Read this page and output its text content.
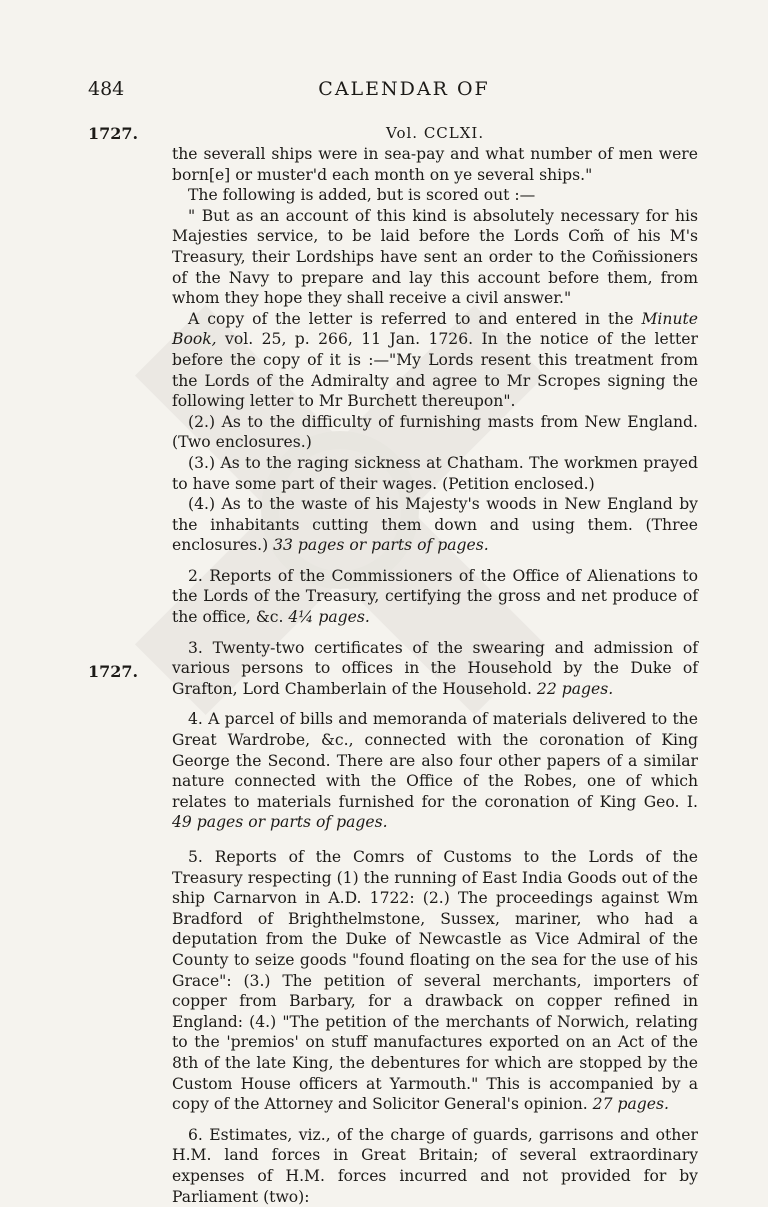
484	CALENDAR OF
Vol. CCLXI.
1727.
1727.

the severall ships were in sea-pay and what number of men were born[e] or muster'd each month on ye several ships."

The following is added, but is scored out :—

" But as an account of this kind is absolutely necessary for his Majesties service, to be laid before the Lords Com̃ of his M's Treasury, their Lordships have sent an order to the Com̃issioners of the Navy to prepare and lay this account before them, from whom they hope they shall receive a civil answer."

A copy of the letter is referred to and entered in the Minute Book, vol. 25, p. 266, 11 Jan. 1726. In the notice of the letter before the copy of it is :—"My Lords resent this treatment from the Lords of the Admiralty and agree to Mr Scropes signing the following letter to Mr Burchett thereupon".

(2.) As to the difficulty of furnishing masts from New England. (Two enclosures.)

(3.) As to the raging sickness at Chatham. The workmen prayed to have some part of their wages. (Petition enclosed.)

(4.) As to the waste of his Majesty's woods in New England by the inhabitants cutting them down and using them. (Three enclosures.) 33 pages or parts of pages.

2. Reports of the Commissioners of the Office of Alienations to the Lords of the Treasury, certifying the gross and net produce of the office, &c. 4¼ pages.

3. Twenty-two certificates of the swearing and admission of various persons to offices in the Household by the Duke of Grafton, Lord Chamberlain of the Household. 22 pages.

4. A parcel of bills and memoranda of materials delivered to the Great Wardrobe, &c., connected with the coronation of King George the Second. There are also four other papers of a similar nature connected with the Office of the Robes, one of which relates to materials furnished for the coronation of King Geo. I. 49 pages or parts of pages.

5. Reports of the Comrs of Customs to the Lords of the Treasury respecting (1) the running of East India Goods out of the ship Carnarvon in A.D. 1722: (2.) The proceedings against Wm Bradford of Brighthelmstone, Sussex, mariner, who had a deputation from the Duke of Newcastle as Vice Admiral of the County to seize goods "found floating on the sea for the use of his Grace": (3.) The petition of several merchants, importers of copper from Barbary, for a drawback on copper refined in England: (4.) "The petition of the merchants of Norwich, relating to the 'premios' on stuff manufactures exported on an Act of the 8th of the late King, the debentures for which are stopped by the Custom House officers at Yarmouth." This is accompanied by a copy of the Attorney and Solicitor General's opinion. 27 pages.

6. Estimates, viz., of the charge of guards, garrisons and other H.M. land forces in Great Britain; of several extraordinary expenses of H.M. forces incurred and not provided for by Parliament (two):
